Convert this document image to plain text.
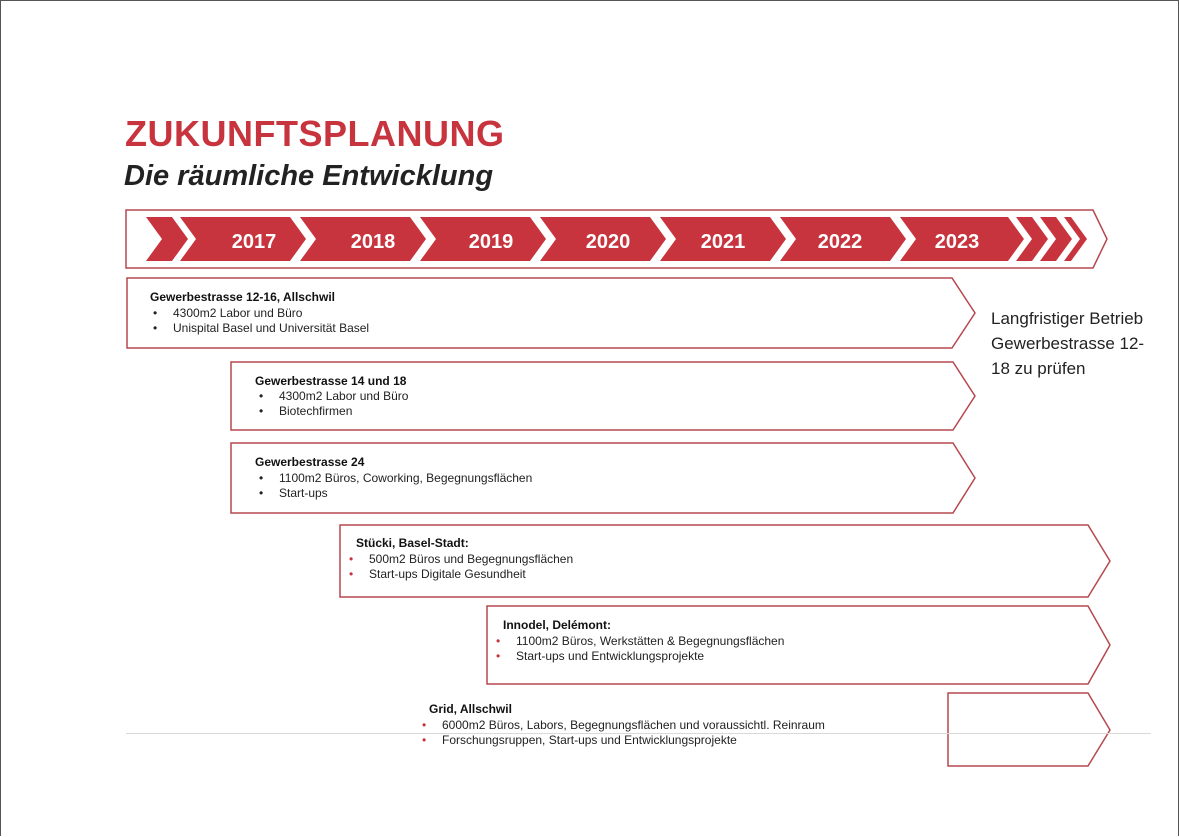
ZUKUNFTSPLANUNG
Die räumliche Entwicklung
2017	2018	2019	2020	2021	2022	2023
Gewerbestrasse 12-16, Allschwil
• 4300m2 Labor und Büro
• Unispital Basel und Universität Basel
Gewerbestrasse 14 und 18
• 4300m2 Labor und Büro
• Biotechfirmen
Gewerbestrasse 24
• 1100m2 Büros, Coworking, Begegnungsflächen
• Start-ups
Stücki, Basel-Stadt:
• 500m2 Büros und Begegnungsflächen
• Start-ups Digitale Gesundheit
Innodel, Delémont:
• 1100m2 Büros, Werkstätten & Begegnungsflächen
• Start-ups und Entwicklungsprojekte
Grid, Allschwil
• 6000m2 Büros, Labors, Begegnungsflächen und voraussichtl. Reinraum
• Forschungsruppen, Start-ups und Entwicklungsprojekte

Langfristiger Betrieb Gewerbestrasse 12-18 zu prüfen
